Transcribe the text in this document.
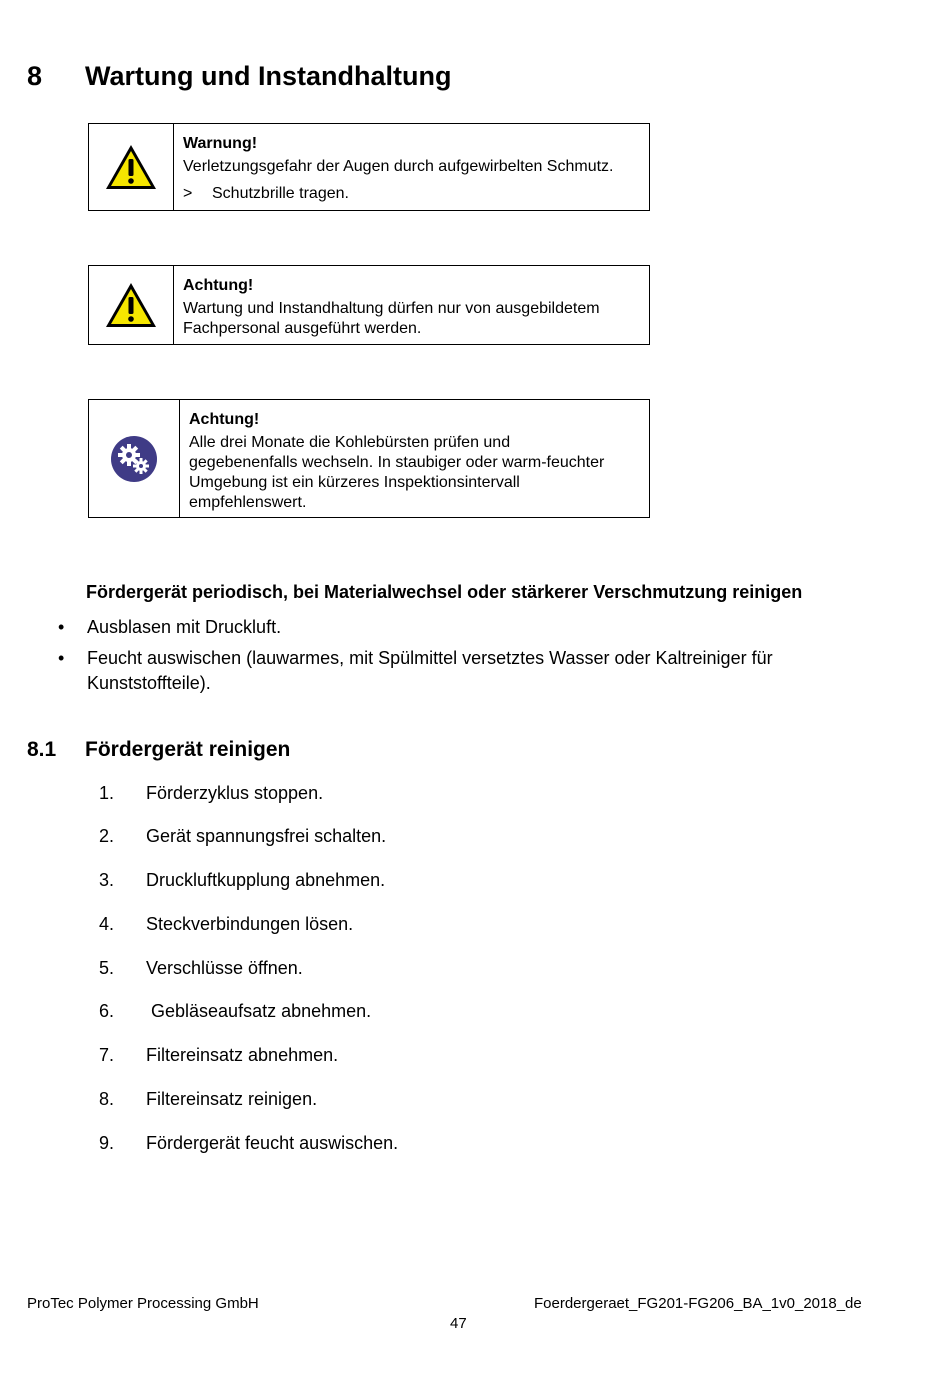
8 Wartung und Instandhaltung
Warnung!
Verletzungsgefahr der Augen durch aufgewirbelten Schmutz.
> Schutzbrille tragen.
Achtung!
Wartung und Instandhaltung dürfen nur von ausgebildetem
Fachpersonal ausgeführt werden.
Achtung!
Alle drei Monate die Kohlebürsten prüfen und
gegebenenfalls wechseln. In staubiger oder warm-feuchter
Umgebung ist ein kürzeres Inspektionsintervall
empfehlenswert.
Fördergerät periodisch, bei Materialwechsel oder stärkerer Verschmutzung reinigen
• Ausblasen mit Druckluft.
• Feucht auswischen (lauwarmes, mit Spülmittel versetztes Wasser oder Kaltreiniger für
Kunststoffteile).
8.1 Fördergerät reinigen
1. Förderzyklus stoppen.
2. Gerät spannungsfrei schalten.
3. Druckluftkupplung abnehmen.
4. Steckverbindungen lösen.
5. Verschlüsse öffnen.
6. Gebläseaufsatz abnehmen.
7. Filtereinsatz abnehmen.
8. Filtereinsatz reinigen.
9. Fördergerät feucht auswischen.
ProTec Polymer Processing GmbH	Foerdergeraet_FG201-FG206_BA_1v0_2018_de
47
